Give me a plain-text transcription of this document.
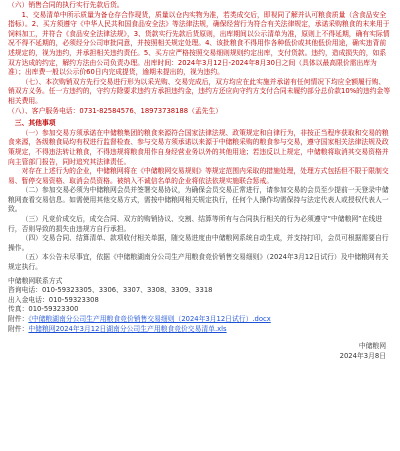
（六）销售合同的执行实行先款后货。

1、交易清单中所示质量为备仓存合作现货，质量以仓内实物为准，若类成交后，即视同了解并认可粮食质量（含食品安全指标）。2、买方须遵守《中华人民共和国食品安全法》等法律法规，确保经营行为符合有关法律规定，承诺采购粮食的末来用于饲料加工，并符合《食品安全法律法规》，3、货款实行先款后货原则，出库期间以公示清单为准，原则上不得延期，确有实际情况不得不延期的，必须经分公司审批同意，并按照相关规定处理。4、该批粮食不得用作各种低价或其他低价用途，确实违背前述规定的，视为违约，并承担相关违约责任。5、买方应严格按照交易细则规则约定出库，支付货款。违约，造成损失的，如系双方达成的约定，解约方法由公司负责办理。出库时间：2024年3月12日-2024年8月30日之间（具体以最高限价需出库为准）；出库费一般以公示价60日内完成提货，逾期未提出的，视为违约。

（七）、本次购销双方先行交易进行形为以采光购、交易完成后，双方均应在此实施并承诺有任何情况下均应全额履行购、销双方义务。任一方违约的，守约方除要求违约方承担违约金，违约方还应向守约方支付合同未履约部分总价款10%的违约金等相关费用。

（八）、客户服务电话：0731-82584576、18973738188（孟先生）

三、其他事项

（一）参加交易方须承诺在中储粮集团的粮食来源符合国家法律法规、政策规定和自律行为，非按正当程序获取和交易的粮食来源，各级粮食局均有权进行监督检查、参与交易方须承诺以来源于中储粮采购的粮食参与交易，遵守国家相关法律法规及政策规定，不得违法转让粮食，不得违规将粮食用作自身经营业务以外的其他用途；若违反以上规定，中储粮将取消其交易资格并向主管部门报告，同时追究其法律责任。

对存在上述行为的企业，中储粮网将在《中储粮网交易规则》等规定范围内采取的措施处理，处理方式包括但不限于限制交易、暂停交易资格、取消会员资格。被纳入不诚信名单的企业将依法依规实施联合惩戒。

（二）参加交易必须为中储粮网会员并签署交易协议，为确保会员交易正常进行，请参加交易的会员至少提前一天登录中储粮网查看交易信息。如需使用其他交易方式，需按中储粮网相关规定执行，任何个人操作均需保持与法定代表人或授权代表人一致。

（三）凡竞价成交后，成交合同、双方的购销协议、交割、结算等所有与合同执行相关的行为必须遵守“中储粮网”在线进行，否则导致的损失由违规方自行承担。

（四）交易合同、结算清单、款项收付相关单据，随交易进度由中储粮网系统自动生成，并支持打印，会员可根据需要自行操作。

（五）本公告未尽事宜，依据《中储粮湖南分公司生产用粮食竞价销售交易细则》（2024年3月12日试行）及中储粮网有关规定执行。

中储粮网联系方式

咨询电话：010-59323305、3306、3307、3308、3309、3318

出入金电话：010-59323308

传真：010-59323300

附件：《中储粮湖南分公司生产用粮食竞价销售交易细则（2024年3月12日试行）.docx

附件：中储粮网2024年3月12日湖南分公司生产用粮食竞价交易清单.xls

中储粮网

2024年3月8日
